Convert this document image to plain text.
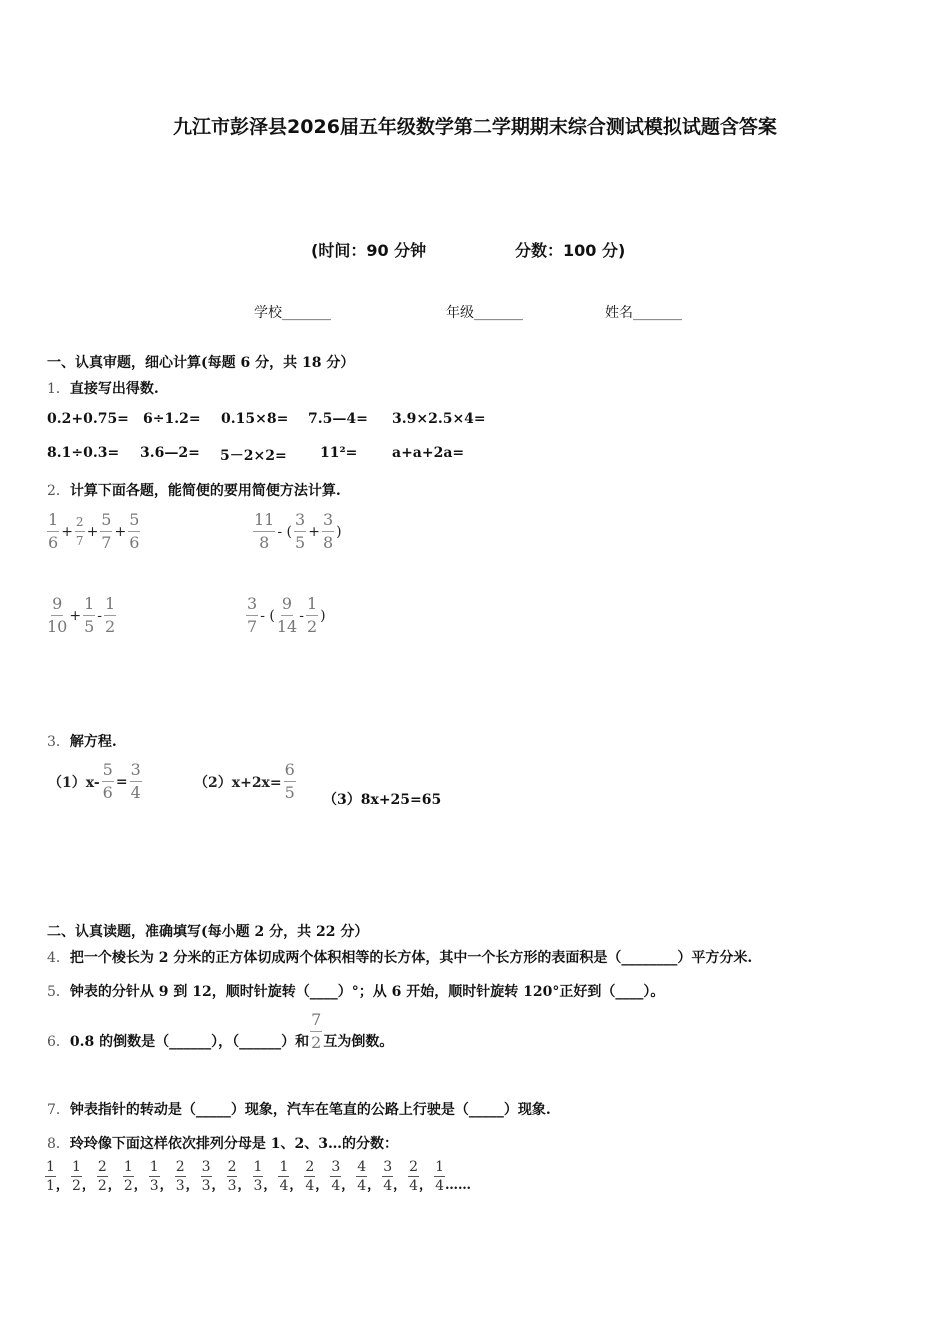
九江市彭泽县2026届五年级数学第二学期期末综合测试模拟试题含答案
(时间：90 分钟	分数：100 分)
学校_______	年级_______	姓名_______
一、认真审题，细心计算(每题 6 分，共 18 分）
1．直接写出得数.
0.2+0.75= 6÷1.2= 0.15×8= 7.5—4= 3.9×2.5×4=
8.1÷0.3= 3.6—2= 5－2×2= 11²= a+a+2a=
2．计算下面各题，能简便的要用简便方法计算.
$\frac{1}{6} + \frac{2}{7} + \frac{5}{7} + \frac{5}{6}$	$\frac{11}{8}$ - ( $\frac{3}{5} + \frac{3}{8}$ )
$\frac{9}{10} + \frac{1}{5} - \frac{1}{2}$	$\frac{3}{7}$ - ( $\frac{9}{14} - \frac{1}{2}$ )
3．解方程.
$(1)x- \frac{5}{6} = \frac{3}{4}$	$(2)x+2x= \frac{6}{5} (3)8x+25=65$
二、认真读题，准确填写(每小题 2 分，共 22 分）
4．把一个棱长为 2 分米的正方体切成两个体积相等的长方体，其中一个长方形的表面积是（________）平方分米.
5．钟表的分针从 9 到 12，顺时针旋转（____）°；从 6 开始，顺时针旋转 120°正好到（____）。
6．0.8 的倒数是（______），（______）和 $\frac{7}{2}$ 互为倒数。
7．钟表指针的转动是（_____）现象，汽车在笔直的公路上行驶是（_____）现象.
8．玲玲像下面这样依次排列分母是 1、2、3…的分数：
$\frac{1}{1}$ ， $\frac{1}{2}$ ， $\frac{2}{2}$ ， $\frac{1}{2}$ ， $\frac{1}{3}$ ， $\frac{2}{3}$ ， $\frac{3}{3}$ ， $\frac{2}{3}$ ， $\frac{1}{3}$ ， $\frac{1}{4}$ ， $\frac{2}{4}$ ， $\frac{3}{4}$ ， $\frac{4}{4}$ ， $\frac{3}{4}$ ， $\frac{2}{4}$ ， $\frac{1}{4}$ ……
